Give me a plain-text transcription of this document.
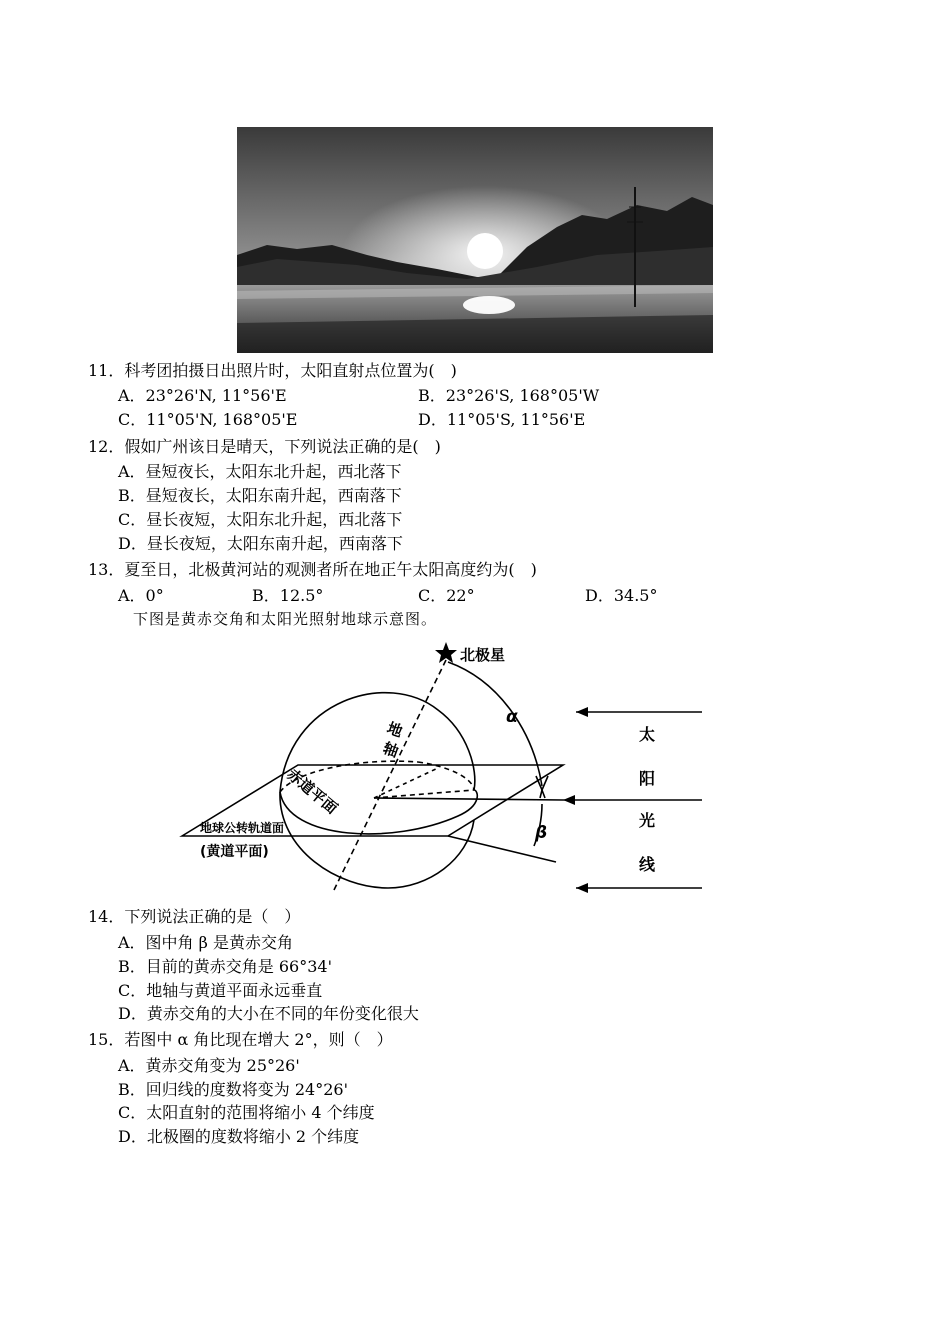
11．科考团拍摄日出照片时，太阳直射点位置为(　)
A．23°26'N, 11°56'E	B．23°26'S, 168°05'W
C．11°05'N, 168°05'E	D．11°05'S, 11°56'E
12．假如广州该日是晴天，下列说法正确的是(　)
A．昼短夜长，太阳东北升起，西北落下
B．昼短夜长，太阳东南升起，西南落下
C．昼长夜短，太阳东北升起，西北落下
D．昼长夜短，太阳东南升起，西南落下
13．夏至日，北极黄河站的观测者所在地正午太阳高度约为(　)
A．0°	B．12.5°	C．22°	D．34.5°
下图是黄赤交角和太阳光照射地球示意图。
北极星
α
β
地
轴
赤道平面
地球公转轨道面
(黄道平面)
太
阳
光
线
14．下列说法正确的是（　）
A．图中角 β 是黄赤交角
B．目前的黄赤交角是 66°34'
C．地轴与黄道平面永远垂直
D．黄赤交角的大小在不同的年份变化很大
15．若图中 α 角比现在增大 2°，则（　）
A．黄赤交角变为 25°26'
B．回归线的度数将变为 24°26'
C．太阳直射的范围将缩小 4 个纬度
D．北极圈的度数将缩小 2 个纬度
